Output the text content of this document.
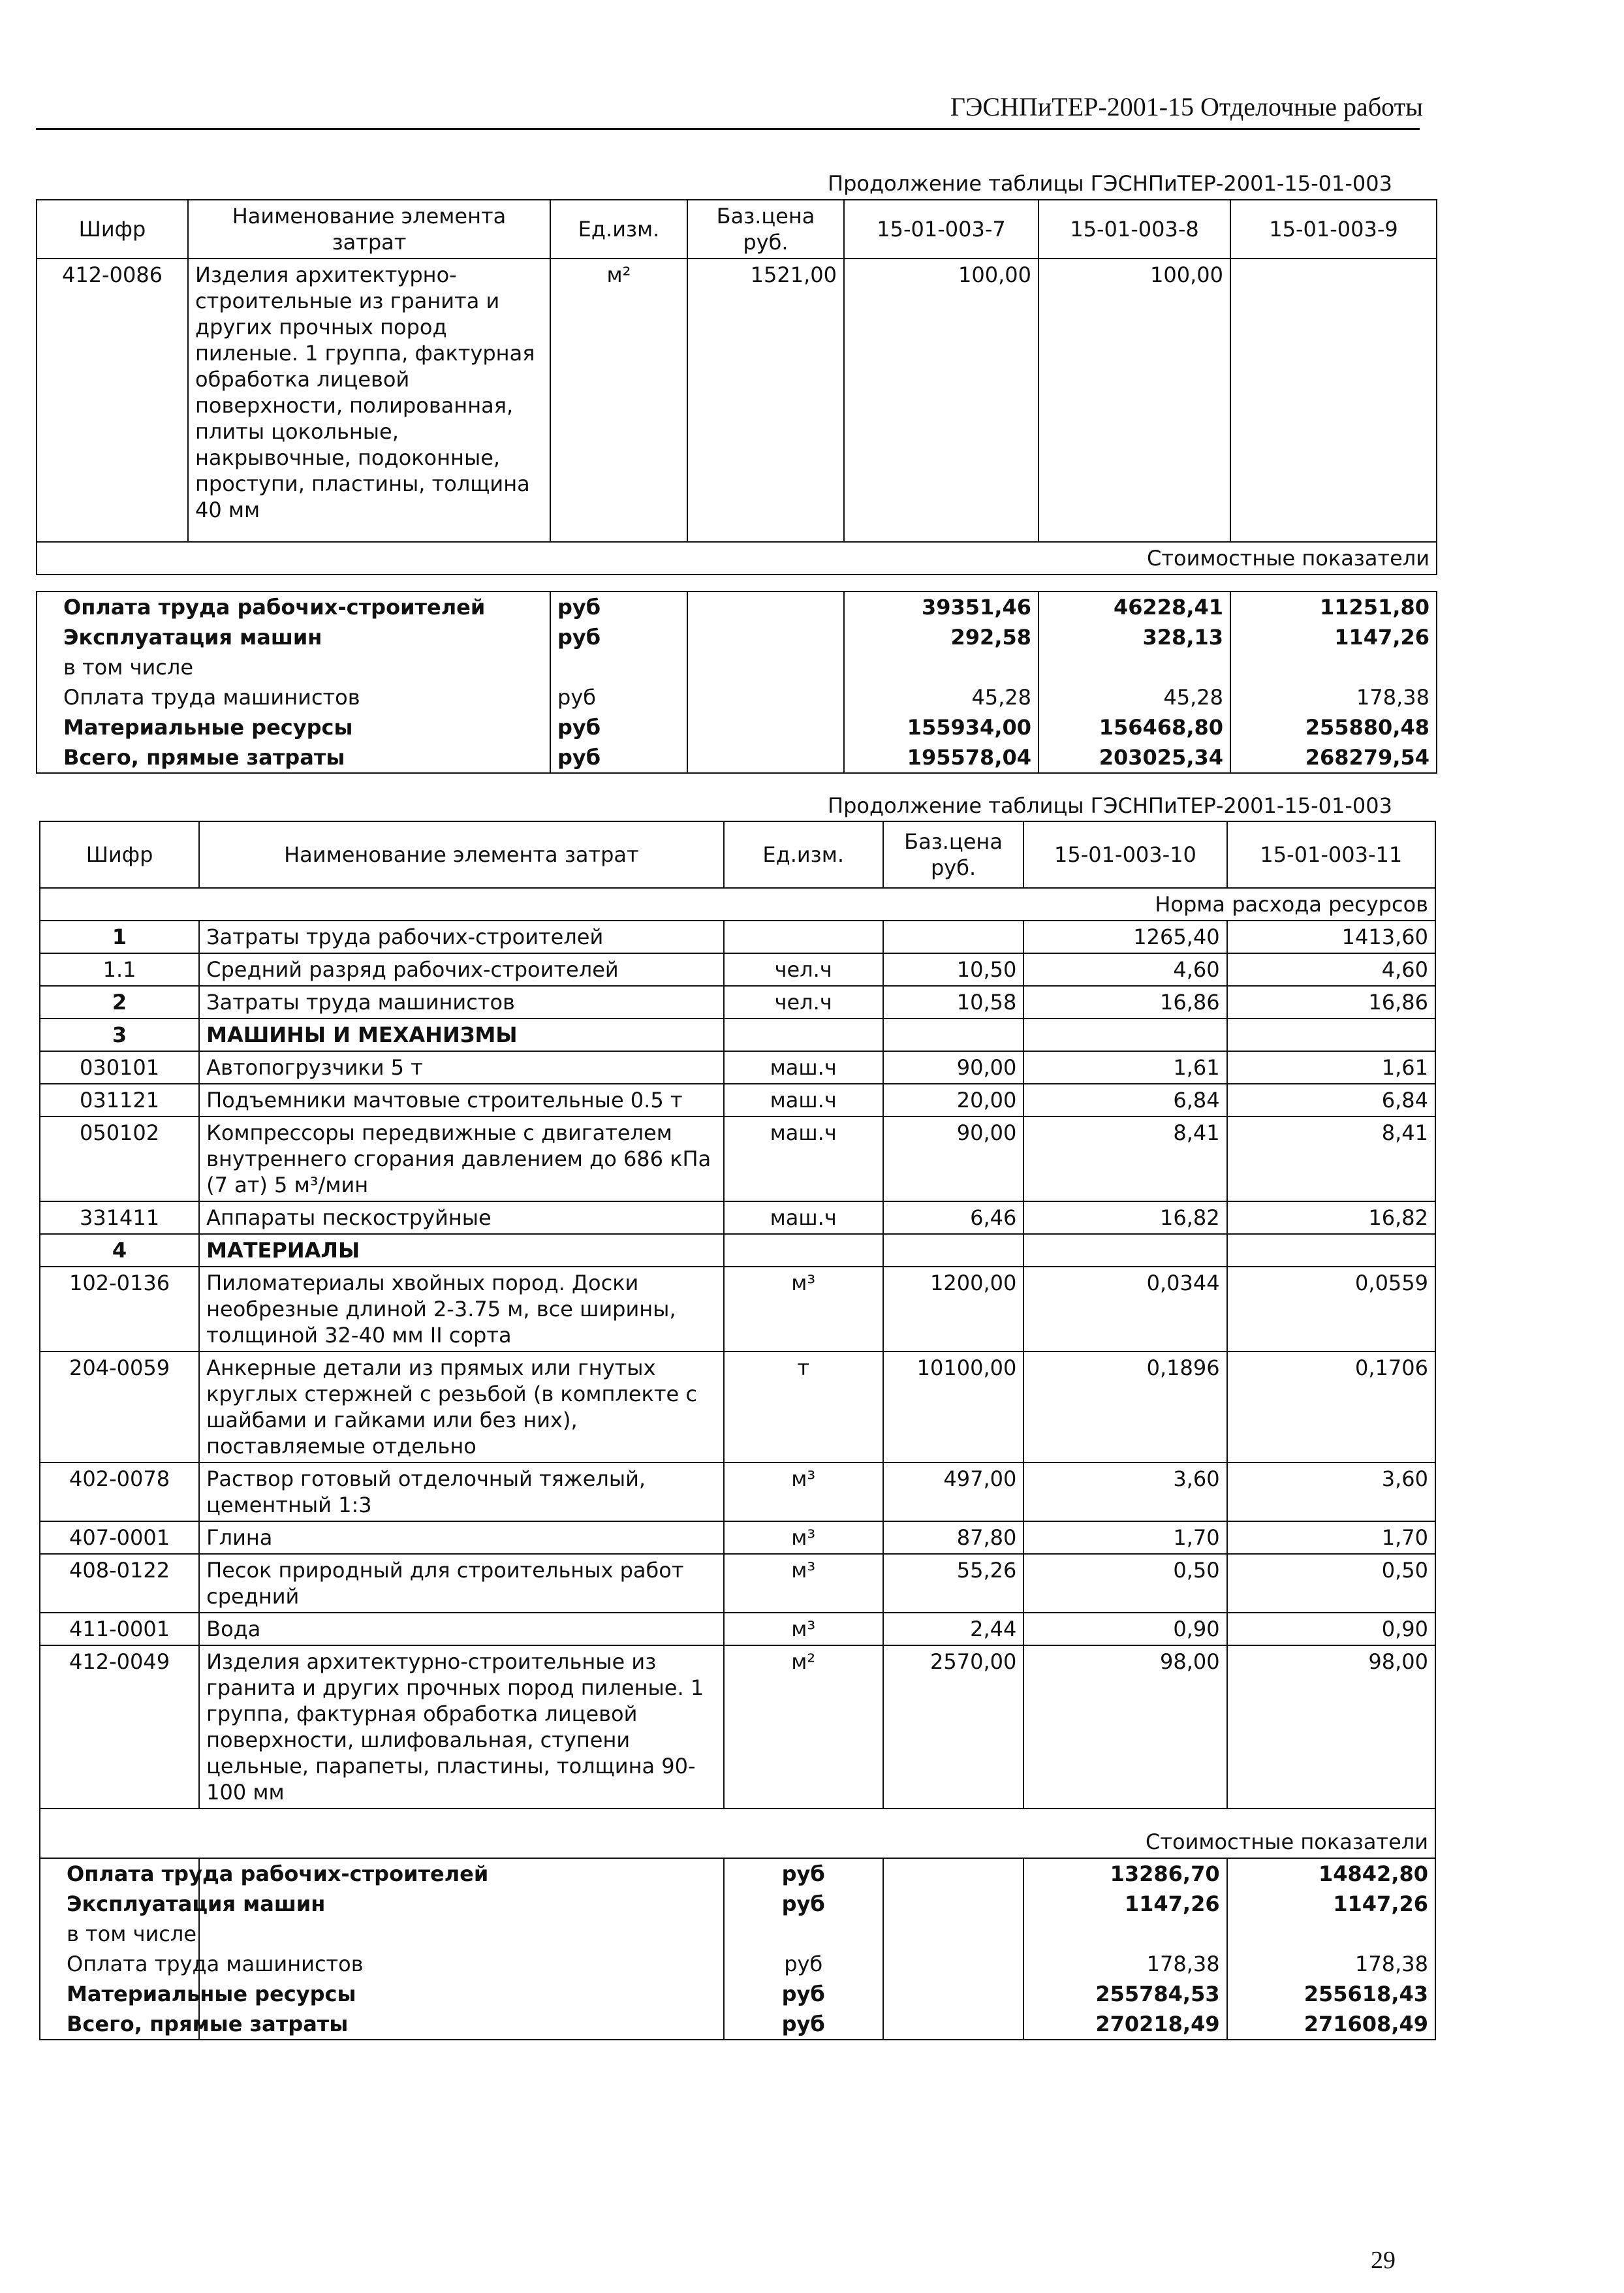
ГЭСНПиТЕР-2001-15 Отделочные работы
Продолжение таблицы ГЭСНПиТЕР-2001-15-01-003
Шифр	Наименование элемента затрат	Ед.изм.	Баз.цена руб.	15-01-003-7	15-01-003-8	15-01-003-9
412-0086	Изделия архитектурно-строительные из гранита и других прочных пород пиленые. 1 группа, фактурная обработка лицевой поверхности, полированная, плиты цокольные, накрывочные, подоконные, проступи, пластины, толщина 40 мм	м²	1521,00	100,00	100,00	
Стоимостные показатели						
Оплата труда рабочих-строителей	руб		39351,46	46228,41	11251,80
Эксплуатация машин	руб		292,58	328,13	1147,26
в том числе					
Оплата труда машинистов	руб		45,28	45,28	178,38
Материальные ресурсы	руб		155934,00	156468,80	255880,48
Всего, прямые затраты	руб		195578,04	203025,34	268279,54
Продолжение таблицы ГЭСНПиТЕР-2001-15-01-003
Шифр	Наименование элемента затрат	Ед.изм.	Баз.цена руб.	15-01-003-10	15-01-003-11
Норма расхода ресурсов					
1	Затраты труда рабочих-строителей			1265,40	1413,60
1.1	Средний разряд рабочих-строителей	чел.ч	10,50	4,60	4,60
2	Затраты труда машинистов	чел.ч	10,58	16,86	16,86
3	МАШИНЫ И МЕХАНИЗМЫ				
030101	Автопогрузчики 5 т	маш.ч	90,00	1,61	1,61
031121	Подъемники мачтовые строительные 0.5 т	маш.ч	20,00	6,84	6,84
050102	Компрессоры передвижные с двигателем внутреннего сгорания давлением до 686 кПа (7 ат) 5 м³/мин	маш.ч	90,00	8,41	8,41
331411	Аппараты пескоструйные	маш.ч	6,46	16,82	16,82
4	МАТЕРИАЛЫ				
102-0136	Пиломатериалы хвойных пород. Доски необрезные длиной 2-3.75 м, все ширины, толщиной 32-40 мм II сорта	м³	1200,00	0,0344	0,0559
204-0059	Анкерные детали из прямых или гнутых круглых стержней с резьбой (в комплекте с шайбами и гайками или без них), поставляемые отдельно	т	10100,00	0,1896	0,1706
402-0078	Раствор готовый отделочный тяжелый, цементный 1:3	м³	497,00	3,60	3,60
407-0001	Глина	м³	87,80	1,70	1,70
408-0122	Песок природный для строительных работ средний	м³	55,26	0,50	0,50
411-0001	Вода	м³	2,44	0,90	0,90
412-0049	Изделия архитектурно-строительные из гранита и других прочных пород пиленые. 1 группа, фактурная обработка лицевой поверхности, шлифовальная, ступени цельные, парапеты, пластины, толщина 90-100 мм	м²	2570,00	98,00	98,00
Стоимостные показатели					
Оплата труда рабочих-строителей		руб		13286,70	14842,80
Эксплуатация машин		руб		1147,26	1147,26
в том числе					
Оплата труда машинистов		руб		178,38	178,38
Материальные ресурсы		руб		255784,53	255618,43
Всего, прямые затраты		руб		270218,49	271608,49
29
